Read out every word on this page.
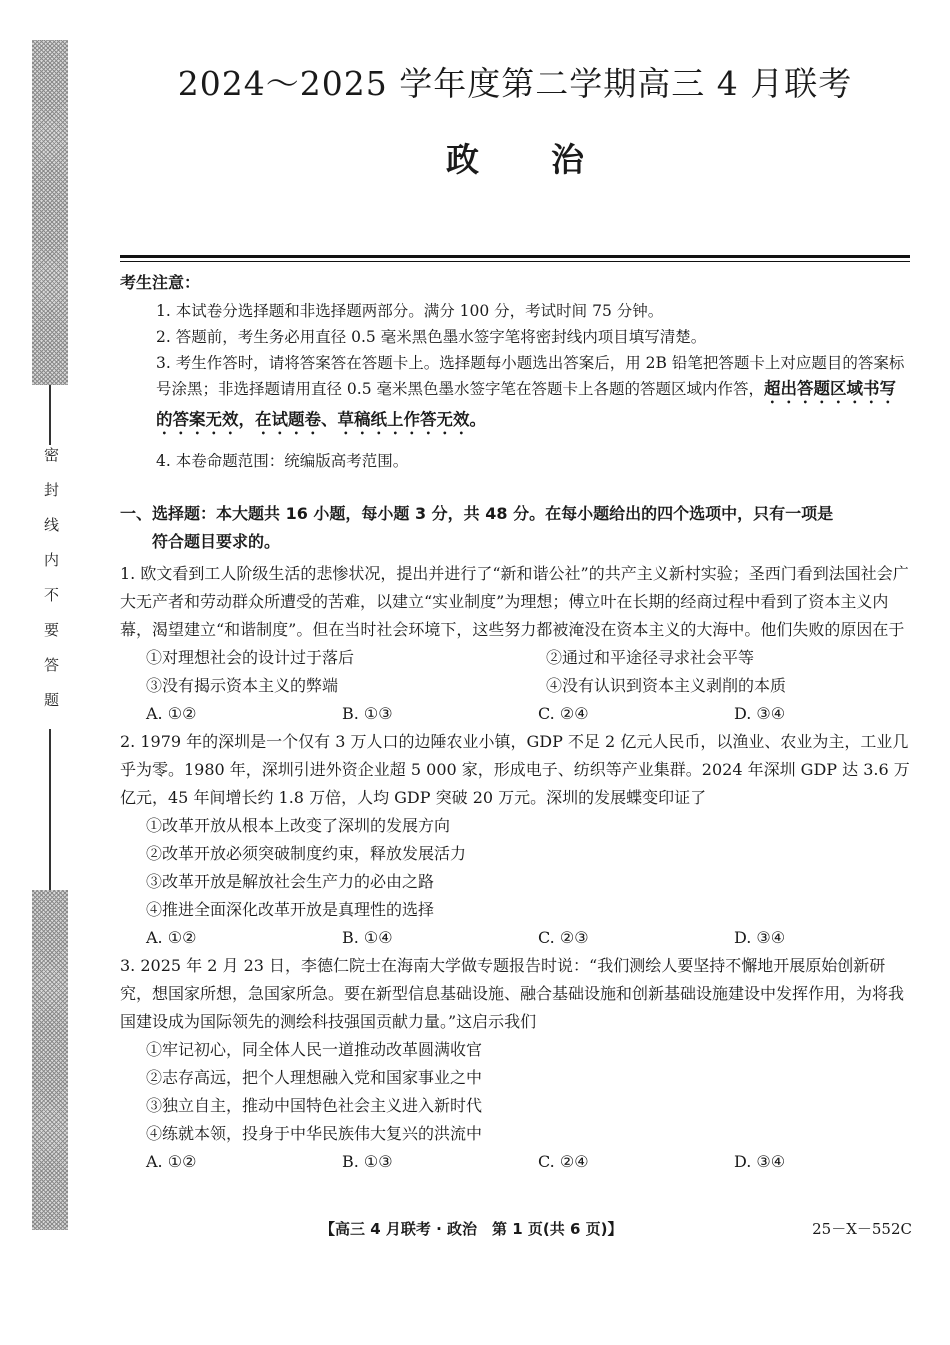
密封线内不要答题
2024～2025 学年度第二学期高三 4 月联考
政治

考生注意：

1. 本试卷分选择题和非选择题两部分。满分 100 分，考试时间 75 分钟。
2. 答题前，考生务必用直径 0.5 毫米黑色墨水签字笔将密封线内项目填写清楚。
3. 考生作答时，请将答案答在答题卡上。选择题每小题选出答案后，用 2B 铅笔把答题卡上对应题目的答案标号涂黑；非选择题请用直径 0.5 毫米黑色墨水签字笔在答题卡上各题的答题区域内作答，超出答题区域书写的答案无效，在试题卷、草稿纸上作答无效。
4. 本卷命题范围：统编版高考范围。

一、选择题：本大题共 16 小题，每小题 3 分，共 48 分。在每小题给出的四个选项中，只有一项是

符合题目要求的。

1. 欧文看到工人阶级生活的悲惨状况，提出并进行了“新和谐公社”的共产主义新村实验；圣西门看到法国社会广大无产者和劳动群众所遭受的苦难，以建立“实业制度”为理想；傅立叶在长期的经商过程中看到了资本主义内幕，渴望建立“和谐制度”。但在当时社会环境下，这些努力都被淹没在资本主义的大海中。他们失败的原因在于

①对理想社会的设计过于落后	②通过和平途径寻求社会平等
③没有揭示资本主义的弊端	④没有认识到资本主义剥削的本质
A. ①②	B. ①③	C. ②④	D. ③④

2. 1979 年的深圳是一个仅有 3 万人口的边陲农业小镇，GDP 不足 2 亿元人民币，以渔业、农业为主，工业几乎为零。1980 年，深圳引进外资企业超 5 000 家，形成电子、纺织等产业集群。2024 年深圳 GDP 达 3.6 万亿元，45 年间增长约 1.8 万倍，人均 GDP 突破 20 万元。深圳的发展蝶变印证了

①改革开放从根本上改变了深圳的发展方向

②改革开放必须突破制度约束，释放发展活力

③改革开放是解放社会生产力的必由之路

④推进全面深化改革开放是真理性的选择

A. ①②	B. ①④	C. ②③	D. ③④

3. 2025 年 2 月 23 日，李德仁院士在海南大学做专题报告时说：“我们测绘人要坚持不懈地开展原始创新研究，想国家所想，急国家所急。要在新型信息基础设施、融合基础设施和创新基础设施建设中发挥作用，为将我国建设成为国际领先的测绘科技强国贡献力量。”这启示我们

①牢记初心，同全体人民一道推动改革圆满收官

②志存高远，把个人理想融入党和国家事业之中

③独立自主，推动中国特色社会主义进入新时代

④练就本领，投身于中华民族伟大复兴的洪流中

A. ①②	B. ①③	C. ②④	D. ③④
【高三 4 月联考 · 政治　第 1 页(共 6 页)】	25－X－552C
